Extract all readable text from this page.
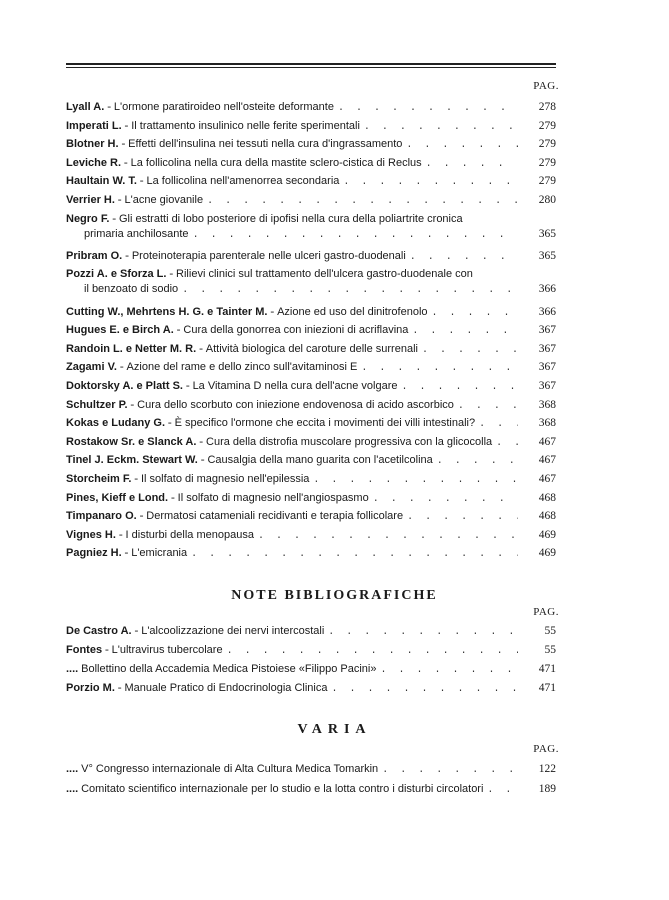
PAG.
Lyall A. - L'ormone paratiroideo nell'osteite deformante . . .	278
Imperati L. - Il trattamento insulinico nelle ferite sperimentali . . .	279
Blotner H. - Effetti dell'insulina nei tessuti nella cura d'ingrassamento . . .	279
Leviche R. - La follicolina nella cura della mastite sclero-cistica di Reclus . . .	279
Haultain W. T. - La follicolina nell'amenorrea secondaria . . .	279
Verrier H. - L'acne giovanile . . .	280
Negro F. - Gli estratti di lobo posteriore di ipofisi nella cura della poliartrite cronica
primaria anchilosante . . .	365
Pribram O. - Proteinoterapia parenterale nelle ulceri gastro-duodenali . . .	365
Pozzi A. e Sforza L. - Rilievi clinici sul trattamento dell'ulcera gastro-duodenale con
il benzoato di sodio . . .	366
Cutting W., Mehrtens H. G. e Tainter M. - Azione ed uso del dinitrofenolo . . .	366
Hugues E. e Birch A. - Cura della gonorrea con iniezioni di acriflavina . . .	367
Randoin L. e Netter M. R. - Attività biologica del caroture delle surrenali . . .	367
Zagami V. - Azione del rame e dello zinco sull'avitaminosi E . . .	367
Doktorsky A. e Platt S. - La Vitamina D nella cura dell'acne volgare . . .	367
Schultzer P. - Cura dello scorbuto con iniezione endovenosa di acido ascorbico . . .	368
Kokas e Ludany G. - È specifico l'ormone che eccita i movimenti dei villi intestinali? . . .	368
Rostakow Sr. e Slanck A. - Cura della distrofia muscolare progressiva con la glicocolla . . .	467
Tinel J. Eckm. Stewart W. - Causalgia della mano guarita con l'acetilcolina . . .	467
Storcheim F. - Il solfato di magnesio nell'epilessia . . .	467
Pines, Kieff e Lond. - Il solfato di magnesio nell'angiospasmo . . .	468
Timpanaro O. - Dermatosi catameniali recidivanti e terapia follicolare . . .	468
Vignes H. - I disturbi della menopausa . . .	469
Pagniez H. - L'emicrania . . .	469
NOTE BIBLIOGRAFICHE
PAG.
De Castro A. - L'alcoolizzazione dei nervi intercostali . . .	55
Fontes - L'ultravirus tubercolare . . .	55
.... Bollettino della Accademia Medica Pistoiese «Filippo Pacini» . . .	471
Porzio M. - Manuale Pratico di Endocrinologia Clinica . . .	471
VARIA
PAG.
.... V° Congresso internazionale di Alta Cultura Medica Tomarkin . . .	122
.... Comitato scientifico internazionale per lo studio e la lotta contro i disturbi circolatori . . .	189
